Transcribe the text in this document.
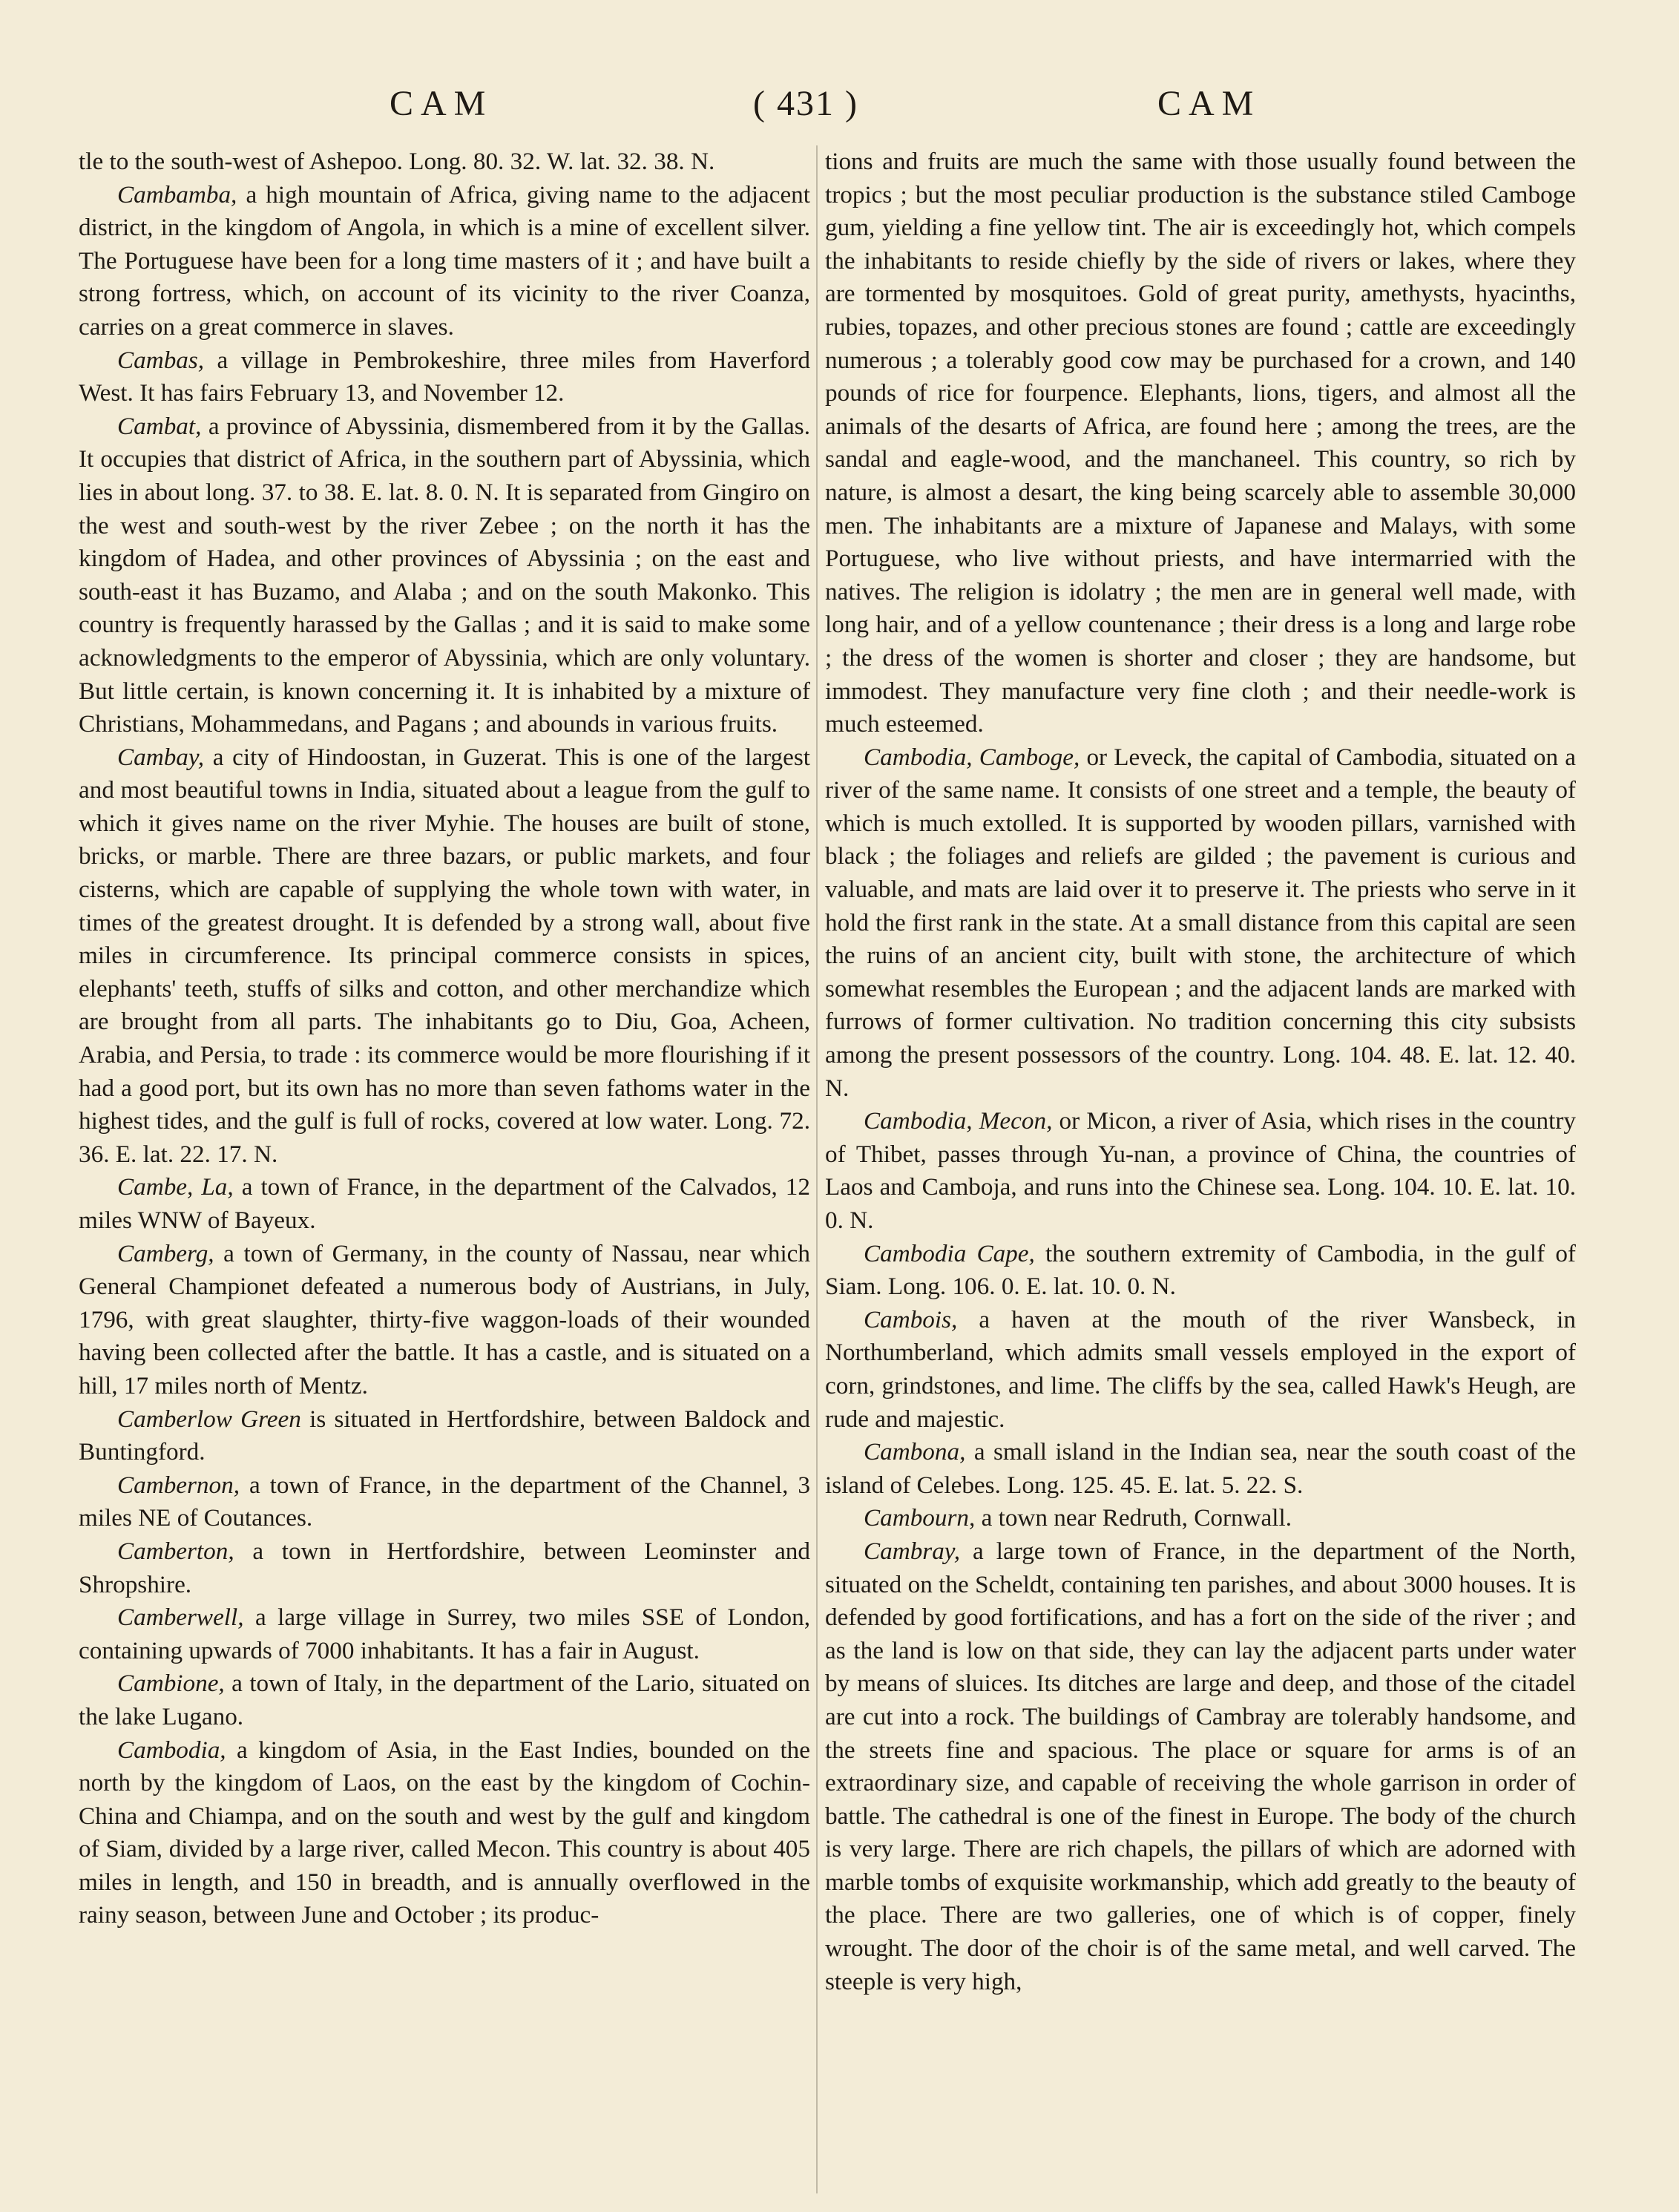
CAM	( 431 )	CAM

tle to the south-west of Ashepoo. Long. 80. 32. W. lat. 32. 38. N.

Cambamba, a high mountain of Africa, giving name to the adjacent district, in the kingdom of Angola, in which is a mine of excellent silver. The Portuguese have been for a long time masters of it ; and have built a strong fortress, which, on account of its vicinity to the river Coanza, carries on a great commerce in slaves.

Cambas, a village in Pembrokeshire, three miles from Haverford West. It has fairs February 13, and November 12.

Cambat, a province of Abyssinia, dismembered from it by the Gallas. It occupies that district of Africa, in the southern part of Abyssinia, which lies in about long. 37. to 38. E. lat. 8. 0. N. It is separated from Gingiro on the west and south-west by the river Zebee ; on the north it has the kingdom of Hadea, and other provinces of Abyssinia ; on the east and south-east it has Buzamo, and Alaba ; and on the south Makonko. This country is frequently harassed by the Gallas ; and it is said to make some acknowledgments to the emperor of Abyssinia, which are only voluntary. But little certain, is known concerning it. It is inhabited by a mixture of Christians, Mohammedans, and Pagans ; and abounds in various fruits.

Cambay, a city of Hindoostan, in Guzerat. This is one of the largest and most beautiful towns in India, situated about a league from the gulf to which it gives name on the river Myhie. The houses are built of stone, bricks, or marble. There are three bazars, or public markets, and four cisterns, which are capable of supplying the whole town with water, in times of the greatest drought. It is defended by a strong wall, about five miles in circumference. Its principal commerce consists in spices, elephants' teeth, stuffs of silks and cotton, and other merchandize which are brought from all parts. The inhabitants go to Diu, Goa, Acheen, Arabia, and Persia, to trade : its commerce would be more flourishing if it had a good port, but its own has no more than seven fathoms water in the highest tides, and the gulf is full of rocks, covered at low water. Long. 72. 36. E. lat. 22. 17. N.

Cambe, La, a town of France, in the department of the Calvados, 12 miles WNW of Bayeux.

Camberg, a town of Germany, in the county of Nassau, near which General Championet defeated a numerous body of Austrians, in July, 1796, with great slaughter, thirty-five waggon-loads of their wounded having been collected after the battle. It has a castle, and is situated on a hill, 17 miles north of Mentz.

Camberlow Green is situated in Hertfordshire, between Baldock and Buntingford.

Cambernon, a town of France, in the department of the Channel, 3 miles NE of Coutances.

Camberton, a town in Hertfordshire, between Leominster and Shropshire.

Camberwell, a large village in Surrey, two miles SSE of London, containing upwards of 7000 inhabitants. It has a fair in August.

Cambione, a town of Italy, in the department of the Lario, situated on the lake Lugano.

Cambodia, a kingdom of Asia, in the East Indies, bounded on the north by the kingdom of Laos, on the east by the kingdom of Cochin-China and Chiampa, and on the south and west by the gulf and kingdom of Siam, divided by a large river, called Mecon. This country is about 405 miles in length, and 150 in breadth, and is annually overflowed in the rainy season, between June and October ; its produc-

tions and fruits are much the same with those usually found between the tropics ; but the most peculiar production is the substance stiled Camboge gum, yielding a fine yellow tint. The air is exceedingly hot, which compels the inhabitants to reside chiefly by the side of rivers or lakes, where they are tormented by mosquitoes. Gold of great purity, amethysts, hyacinths, rubies, topazes, and other precious stones are found ; cattle are exceedingly numerous ; a tolerably good cow may be purchased for a crown, and 140 pounds of rice for fourpence. Elephants, lions, tigers, and almost all the animals of the desarts of Africa, are found here ; among the trees, are the sandal and eagle-wood, and the manchaneel. This country, so rich by nature, is almost a desart, the king being scarcely able to assemble 30,000 men. The inhabitants are a mixture of Japanese and Malays, with some Portuguese, who live without priests, and have intermarried with the natives. The religion is idolatry ; the men are in general well made, with long hair, and of a yellow countenance ; their dress is a long and large robe ; the dress of the women is shorter and closer ; they are handsome, but immodest. They manufacture very fine cloth ; and their needle-work is much esteemed.

Cambodia, Camboge, or Leveck, the capital of Cambodia, situated on a river of the same name. It consists of one street and a temple, the beauty of which is much extolled. It is supported by wooden pillars, varnished with black ; the foliages and reliefs are gilded ; the pavement is curious and valuable, and mats are laid over it to preserve it. The priests who serve in it hold the first rank in the state. At a small distance from this capital are seen the ruins of an ancient city, built with stone, the architecture of which somewhat resembles the European ; and the adjacent lands are marked with furrows of former cultivation. No tradition concerning this city subsists among the present possessors of the country. Long. 104. 48. E. lat. 12. 40. N.

Cambodia, Mecon, or Micon, a river of Asia, which rises in the country of Thibet, passes through Yu-nan, a province of China, the countries of Laos and Camboja, and runs into the Chinese sea. Long. 104. 10. E. lat. 10. 0. N.

Cambodia Cape, the southern extremity of Cambodia, in the gulf of Siam. Long. 106. 0. E. lat. 10. 0. N.

Cambois, a haven at the mouth of the river Wansbeck, in Northumberland, which admits small vessels employed in the export of corn, grindstones, and lime. The cliffs by the sea, called Hawk's Heugh, are rude and majestic.

Cambona, a small island in the Indian sea, near the south coast of the island of Celebes. Long. 125. 45. E. lat. 5. 22. S.

Cambourn, a town near Redruth, Cornwall.

Cambray, a large town of France, in the department of the North, situated on the Scheldt, containing ten parishes, and about 3000 houses. It is defended by good fortifications, and has a fort on the side of the river ; and as the land is low on that side, they can lay the adjacent parts under water by means of sluices. Its ditches are large and deep, and those of the citadel are cut into a rock. The buildings of Cambray are tolerably handsome, and the streets fine and spacious. The place or square for arms is of an extraordinary size, and capable of receiving the whole garrison in order of battle. The cathedral is one of the finest in Europe. The body of the church is very large. There are rich chapels, the pillars of which are adorned with marble tombs of exquisite workmanship, which add greatly to the beauty of the place. There are two galleries, one of which is of copper, finely wrought. The door of the choir is of the same metal, and well carved. The steeple is very high,
